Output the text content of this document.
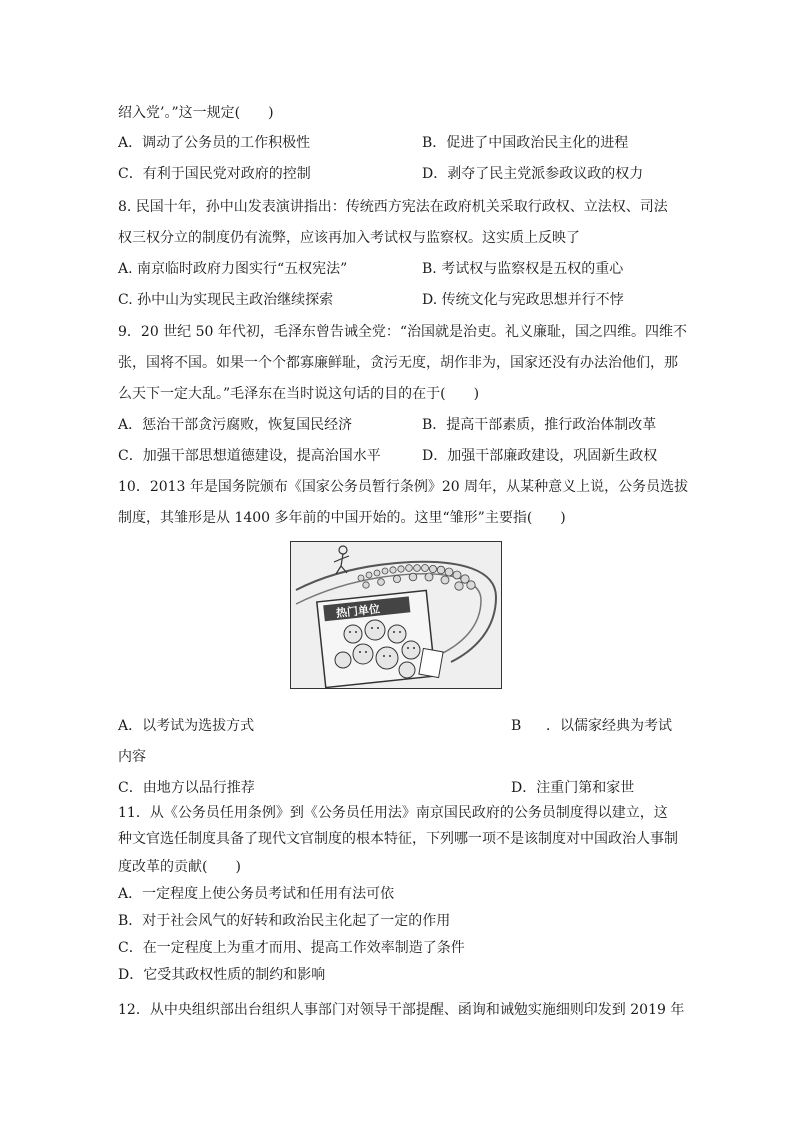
绍入党’。”这一规定(　　)
A．调动了公务员的工作积极性	B．促进了中国政治民主化的进程
C．有利于国民党对政府的控制	D．剥夺了民主党派参政议政的权力
8. 民国十年，孙中山发表演讲指出：传统西方宪法在政府机关采取行政权、立法权、司法
权三权分立的制度仍有流弊，应该再加入考试权与监察权。这实质上反映了
A. 南京临时政府力图实行“五权宪法”	B. 考试权与监察权是五权的重心
C. 孙中山为实现民主政治继续探索	D. 传统文化与宪政思想并行不悖
9．20 世纪 50 年代初，毛泽东曾告诫全党：“治国就是治吏。礼义廉耻，国之四维。四维不
张，国将不国。如果一个个都寡廉鲜耻，贪污无度，胡作非为，国家还没有办法治他们，那
么天下一定大乱。”毛泽东在当时说这句话的目的在于(　　)
A．惩治干部贪污腐败，恢复国民经济	B．提高干部素质，推行政治体制改革
C．加强干部思想道德建设，提高治国水平	D．加强干部廉政建设，巩固新生政权
10．2013 年是国务院颁布《国家公务员暂行条例》20 周年，从某种意义上说，公务员选拔
制度，其雏形是从 1400 多年前的中国开始的。这里“雏形”主要指(　　)
热门单位
A．以考试为选拔方式	B ．以儒家经典为考试
内容
C．由地方以品行推荐	D．注重门第和家世
11．从《公务员任用条例》到《公务员任用法》南京国民政府的公务员制度得以建立，这
种文官选任制度具备了现代文官制度的根本特征，下列哪一项不是该制度对中国政治人事制
度改革的贡献(　　)
A．一定程度上使公务员考试和任用有法可依
B．对于社会风气的好转和政治民主化起了一定的作用
C．在一定程度上为重才而用、提高工作效率制造了条件
D．它受其政权性质的制约和影响
12．从中央组织部出台组织人事部门对领导干部提醒、函询和诫勉实施细则印发到 2019 年
